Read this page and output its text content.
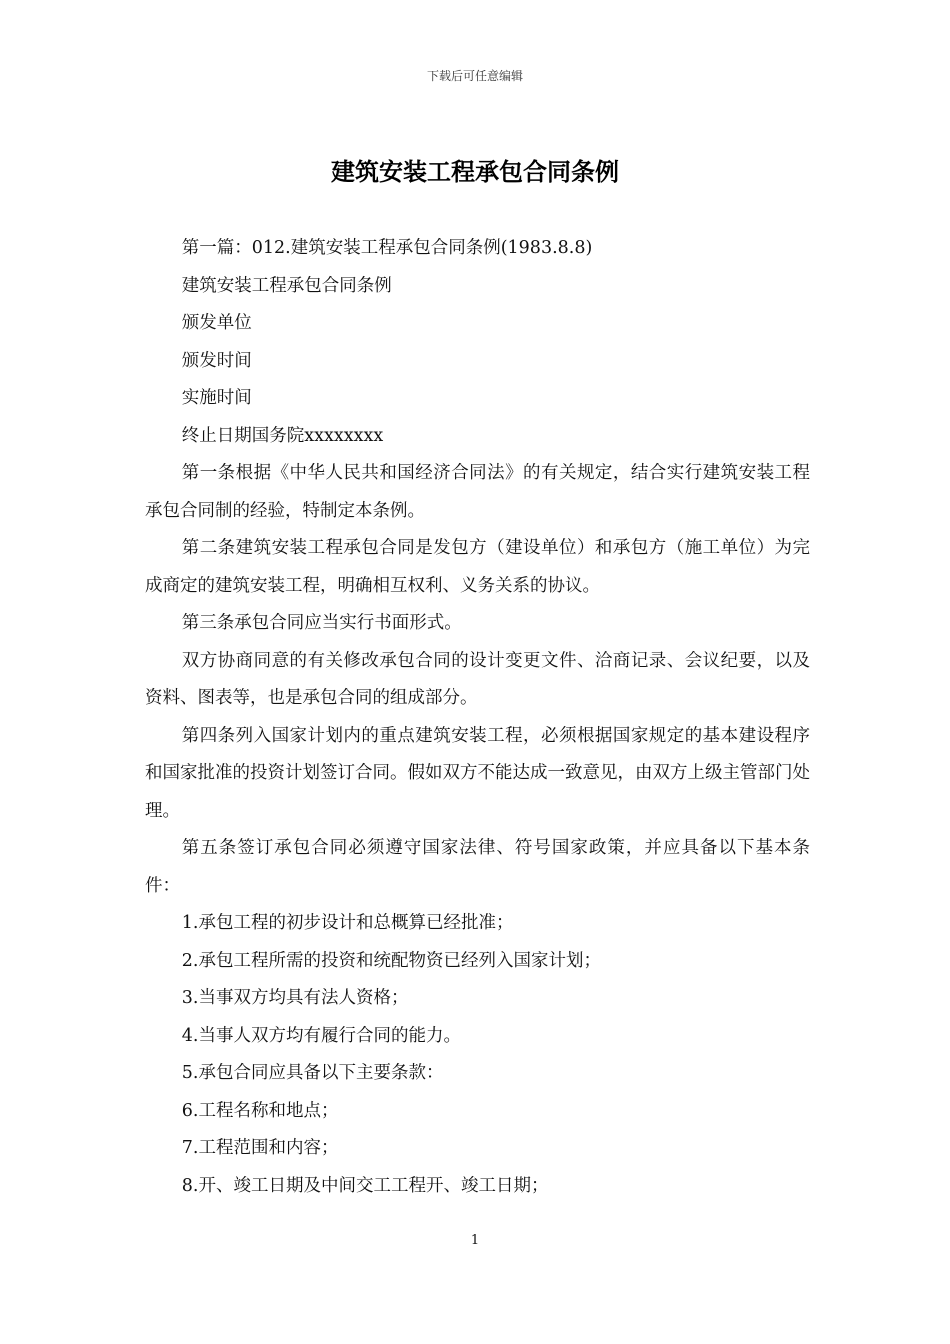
下载后可任意编辑
建筑安装工程承包合同条例

第一篇：012.建筑安装工程承包合同条例(1983.8.8)

建筑安装工程承包合同条例

颁发单位

颁发时间

实施时间

终止日期国务院xxxxxxxx

第一条根据《中华人民共和国经济合同法》的有关规定，结合实行建筑安装工程承包合同制的经验，特制定本条例。

第二条建筑安装工程承包合同是发包方（建设单位）和承包方（施工单位）为完成商定的建筑安装工程，明确相互权利、义务关系的协议。

第三条承包合同应当实行书面形式。

双方协商同意的有关修改承包合同的设计变更文件、洽商记录、会议纪要，以及资料、图表等，也是承包合同的组成部分。

第四条列入国家计划内的重点建筑安装工程，必须根据国家规定的基本建设程序和国家批准的投资计划签订合同。假如双方不能达成一致意见，由双方上级主管部门处理。

第五条签订承包合同必须遵守国家法律、符号国家政策，并应具备以下基本条件：

1.承包工程的初步设计和总概算已经批准；

2.承包工程所需的投资和统配物资已经列入国家计划；

3.当事双方均具有法人资格；

4.当事人双方均有履行合同的能力。

5.承包合同应具备以下主要条款：

6.工程名称和地点；

7.工程范围和内容；

8.开、竣工日期及中间交工工程开、竣工日期；

1
